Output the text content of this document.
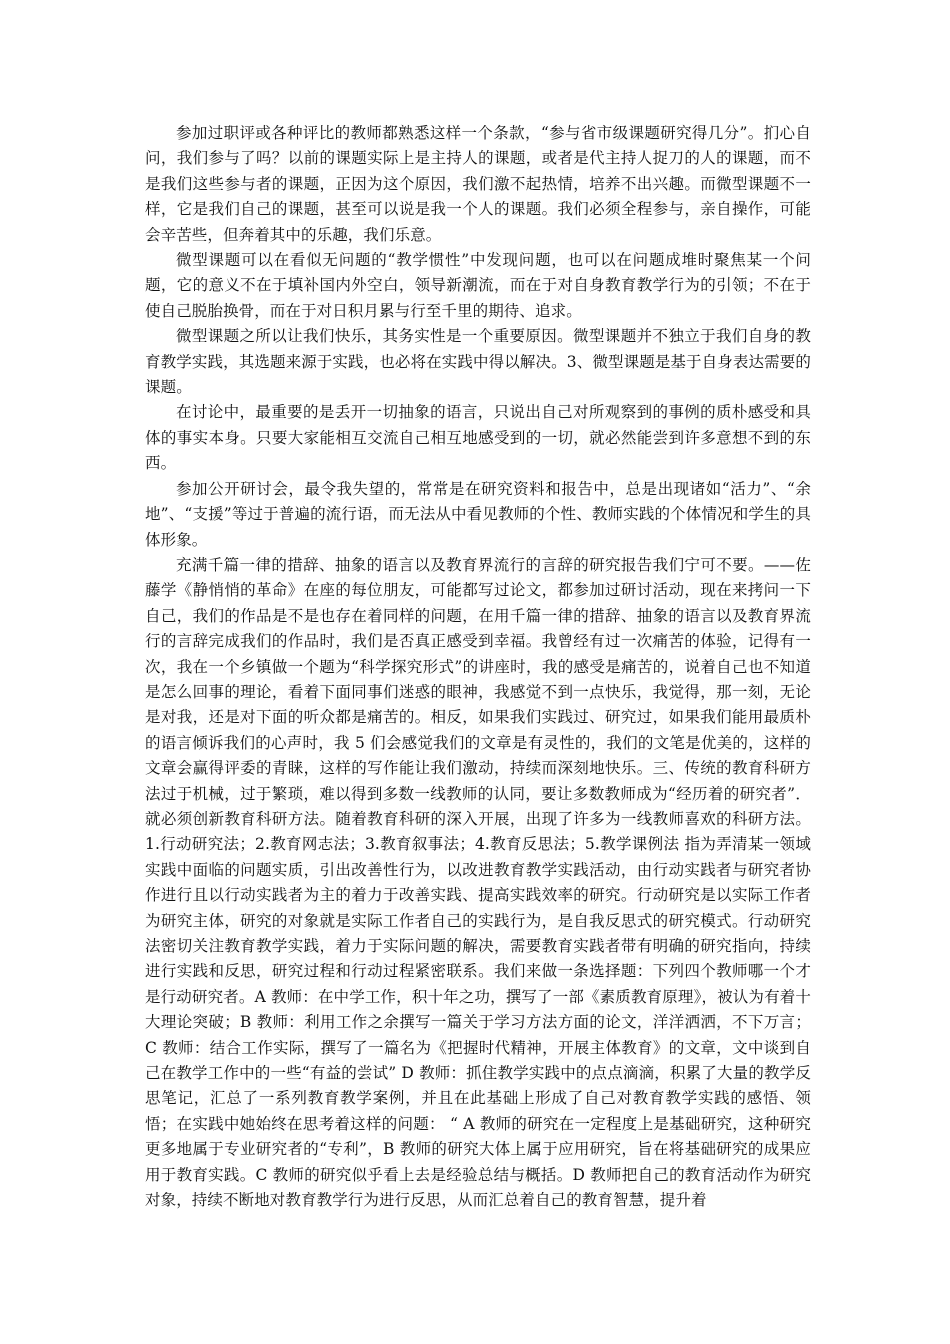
参加过职评或各种评比的教师都熟悉这样一个条款，“参与省市级课题研究得几分”。扪心自问，我们参与了吗？以前的课题实际上是主持人的课题，或者是代主持人捉刀的人的课题，而不是我们这些参与者的课题，正因为这个原因，我们激不起热情，培养不出兴趣。而微型课题不一样，它是我们自己的课题，甚至可以说是我一个人的课题。我们必须全程参与，亲自操作，可能会辛苦些，但奔着其中的乐趣，我们乐意。

微型课题可以在看似无问题的“教学惯性”中发现问题，也可以在问题成堆时聚焦某一个问题，它的意义不在于填补国内外空白，领导新潮流，而在于对自身教育教学行为的引领；不在于使自己脱胎换骨，而在于对日积月累与行至千里的期待、追求。

微型课题之所以让我们快乐，其务实性是一个重要原因。微型课题并不独立于我们自身的教育教学实践，其选题来源于实践，也必将在实践中得以解决。3、微型课题是基于自身表达需要的课题。

在讨论中，最重要的是丢开一切抽象的语言，只说出自己对所观察到的事例的质朴感受和具体的事实本身。只要大家能相互交流自己相互地感受到的一切，就必然能尝到许多意想不到的东西。

参加公开研讨会，最令我失望的，常常是在研究资料和报告中，总是出现诸如“活力”、“余地”、“支援”等过于普遍的流行语，而无法从中看见教师的个性、教师实践的个体情况和学生的具体形象。

充满千篇一律的措辞、抽象的语言以及教育界流行的言辞的研究报告我们宁可不要。——佐藤学《静悄悄的革命》在座的每位朋友，可能都写过论文，都参加过研讨活动，现在来拷问一下自己，我们的作品是不是也存在着同样的问题，在用千篇一律的措辞、抽象的语言以及教育界流行的言辞完成我们的作品时，我们是否真正感受到幸福。我曾经有过一次痛苦的体验，记得有一次，我在一个乡镇做一个题为“科学探究形式”的讲座时，我的感受是痛苦的，说着自己也不知道是怎么回事的理论，看着下面同事们迷惑的眼神，我感觉不到一点快乐，我觉得，那一刻，无论是对我，还是对下面的听众都是痛苦的。相反，如果我们实践过、研究过，如果我们能用最质朴的语言倾诉我们的心声时，我 5 们会感觉我们的文章是有灵性的，我们的文笔是优美的，这样的文章会赢得评委的青睐，这样的写作能让我们激动，持续而深刻地快乐。三、传统的教育科研方法过于机械，过于繁琐，难以得到多数一线教师的认同，要让多数教师成为“经历着的研究者”．就必须创新教育科研方法。随着教育科研的深入开展，出现了许多为一线教师喜欢的科研方法。1.行动研究法；2.教育网志法；3.教育叙事法；4.教育反思法；5.教学课例法 指为弄清某一领域实践中面临的问题实质，引出改善性行为，以改进教育教学实践活动，由行动实践者与研究者协作进行且以行动实践者为主的着力于改善实践、提高实践效率的研究。行动研究是以实际工作者为研究主体，研究的对象就是实际工作者自己的实践行为，是自我反思式的研究模式。行动研究法密切关注教育教学实践，着力于实际问题的解决，需要教育实践者带有明确的研究指向，持续进行实践和反思，研究过程和行动过程紧密联系。我们来做一条选择题：下列四个教师哪一个才是行动研究者。A 教师：在中学工作，积十年之功，撰写了一部《素质教育原理》，被认为有着十大理论突破；B 教师：利用工作之余撰写一篇关于学习方法方面的论文，洋洋洒洒，不下万言；C 教师：结合工作实际，撰写了一篇名为《把握时代精神，开展主体教育》的文章，文中谈到自己在教学工作中的一些“有益的尝试” D 教师：抓住教学实践中的点点滴滴，积累了大量的教学反思笔记，汇总了一系列教育教学案例，并且在此基础上形成了自己对教育教学实践的感悟、领悟；在实践中她始终在思考着这样的问题： “ A 教师的研究在一定程度上是基础研究，这种研究更多地属于专业研究者的“专利”，B 教师的研究大体上属于应用研究，旨在将基础研究的成果应用于教育实践。C 教师的研究似乎看上去是经验总结与概括。D 教师把自己的教育活动作为研究对象，持续不断地对教育教学行为进行反思，从而汇总着自己的教育智慧，提升着
